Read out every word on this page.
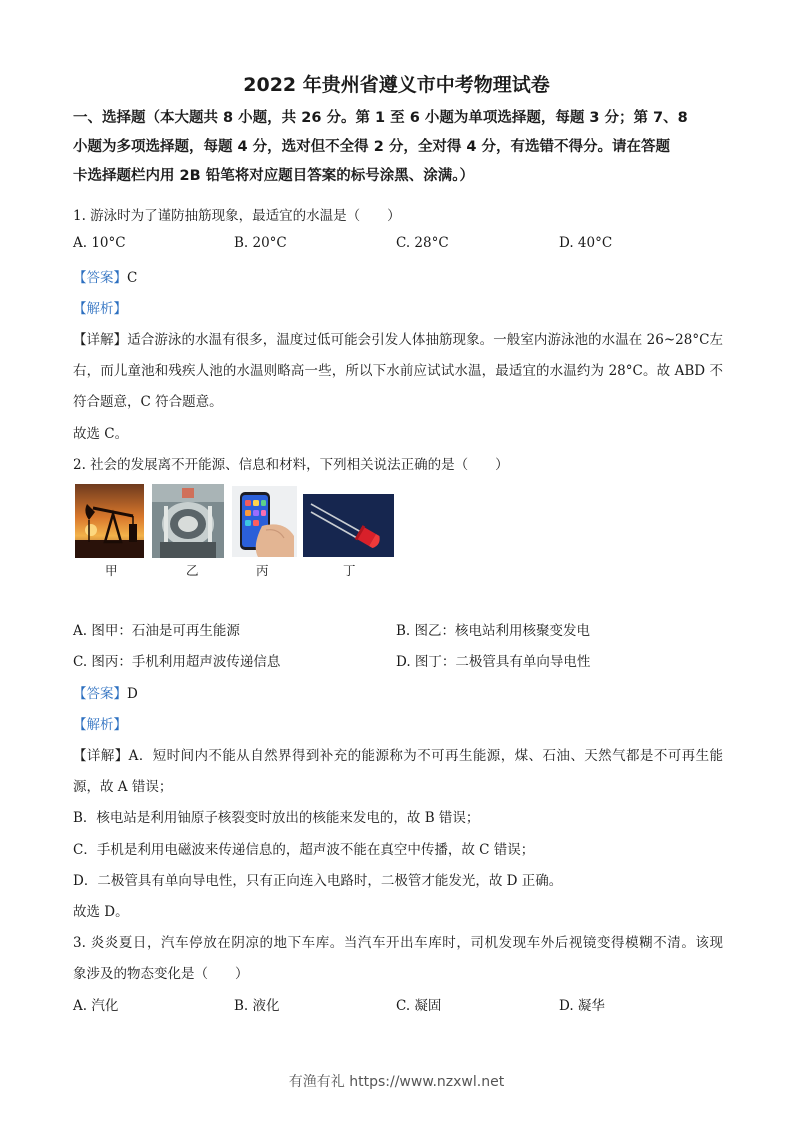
2022 年贵州省遵义市中考物理试卷
一、选择题（本大题共 8 小题，共 26 分。第 1 至 6 小题为单项选择题，每题 3 分；第 7、8
小题为多项选择题，每题 4 分，选对但不全得 2 分，全对得 4 分，有选错不得分。请在答题
卡选择题栏内用 2B 铅笔将对应题目答案的标号涂黑、涂满。）
1. 游泳时为了谨防抽筋现象，最适宜的水温是（　　）
A. 10°C	B. 20°C	C. 28°C	D. 40°C
【答案】C
【解析】
【详解】适合游泳的水温有很多，温度过低可能会引发人体抽筋现象。一般室内游泳池的水温在 26~28°C左
右，而儿童池和残疾人池的水温则略高一些，所以下水前应试试水温，最适宜的水温约为 28°C。故 ABD 不
符合题意，C 符合题意。
故选 C。
2. 社会的发展离不开能源、信息和材料，下列相关说法正确的是（　　）
甲	乙	丙	丁
A. 图甲：石油是可再生能源	B. 图乙：核电站利用核聚变发电
C. 图丙：手机利用超声波传递信息	D. 图丁：二极管具有单向导电性
【答案】D
【解析】
【详解】A．短时间内不能从自然界得到补充的能源称为不可再生能源，煤、石油、天然气都是不可再生能
源，故 A 错误；
B．核电站是利用铀原子核裂变时放出的核能来发电的，故 B 错误；
C．手机是利用电磁波来传递信息的，超声波不能在真空中传播，故 C 错误；
D．二极管具有单向导电性，只有正向连入电路时，二极管才能发光，故 D 正确。
故选 D。
3. 炎炎夏日，汽车停放在阴凉的地下车库。当汽车开出车库时，司机发现车外后视镜变得模糊不清。该现
象涉及的物态变化是（　　）
A. 汽化	B. 液化	C. 凝固	D. 凝华
有渔有礼 https://www.nzxwl.net
